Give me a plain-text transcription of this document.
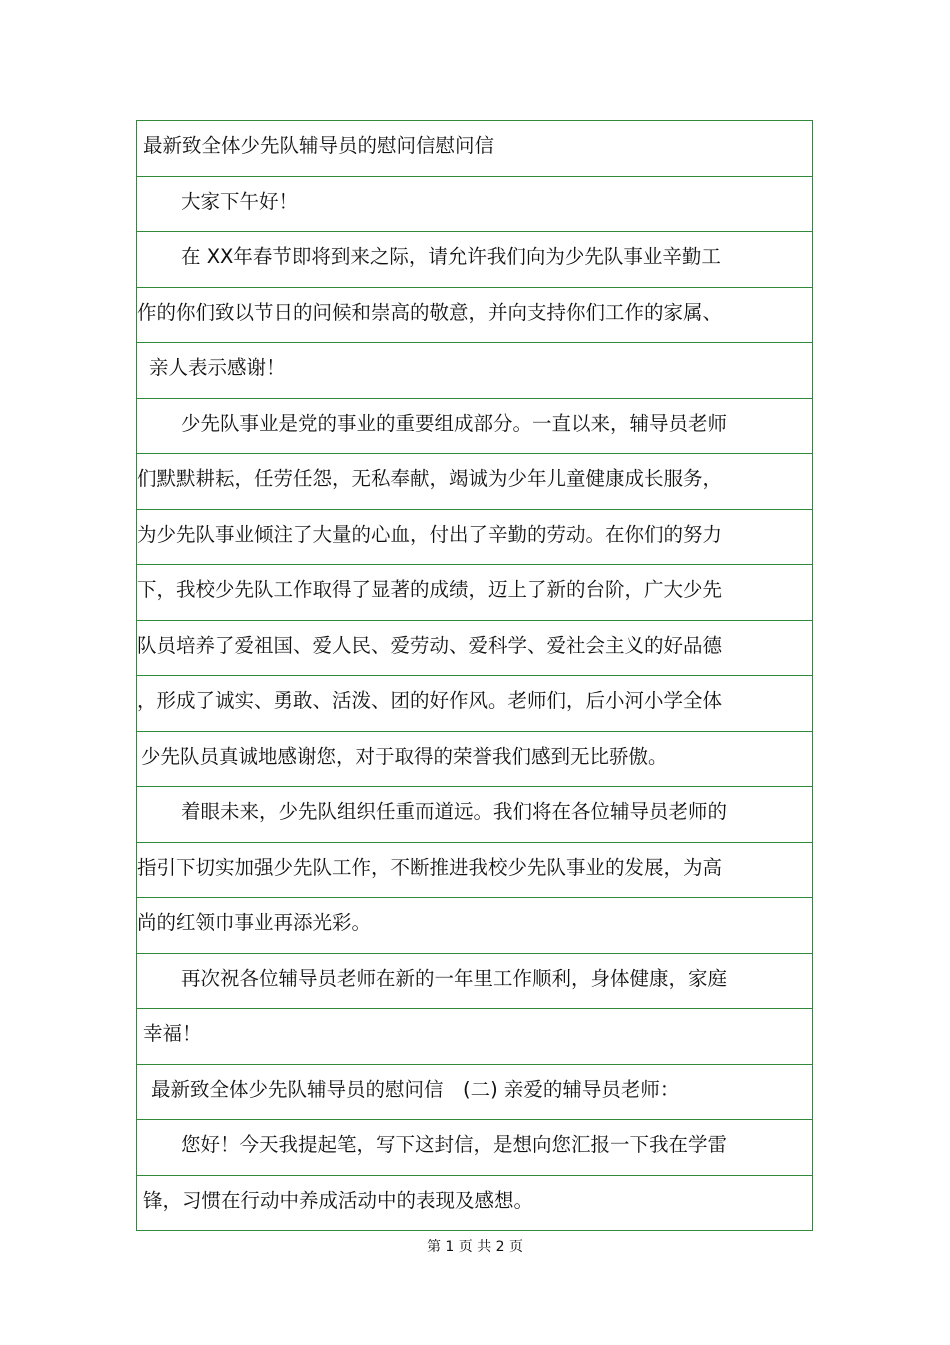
最新致全体少先队辅导员的慰问信慰问信
大家下午好！
在 XX年春节即将到来之际，请允许我们向为少先队事业辛勤工
作的你们致以节日的问候和崇高的敬意，并向支持你们工作的家属、
亲人表示感谢！
少先队事业是党的事业的重要组成部分。一直以来，辅导员老师
们默默耕耘，任劳任怨，无私奉献，竭诚为少年儿童健康成长服务，
为少先队事业倾注了大量的心血，付出了辛勤的劳动。在你们的努力
下，我校少先队工作取得了显著的成绩，迈上了新的台阶，广大少先
队员培养了爱祖国、爱人民、爱劳动、爱科学、爱社会主义的好品德
，形成了诚实、勇敢、活泼、团的好作风。老师们，后小河小学全体
少先队员真诚地感谢您，对于取得的荣誉我们感到无比骄傲。
着眼未来，少先队组织任重而道远。我们将在各位辅导员老师的
指引下切实加强少先队工作，不断推进我校少先队事业的发展，为高
尚的红领巾事业再添光彩。
再次祝各位辅导员老师在新的一年里工作顺利，身体健康，家庭
幸福！
最新致全体少先队辅导员的慰问信　(二) 亲爱的辅导员老师：
您好！今天我提起笔，写下这封信，是想向您汇报一下我在学雷
锋，习惯在行动中养成活动中的表现及感想。
第 1 页 共 2 页
